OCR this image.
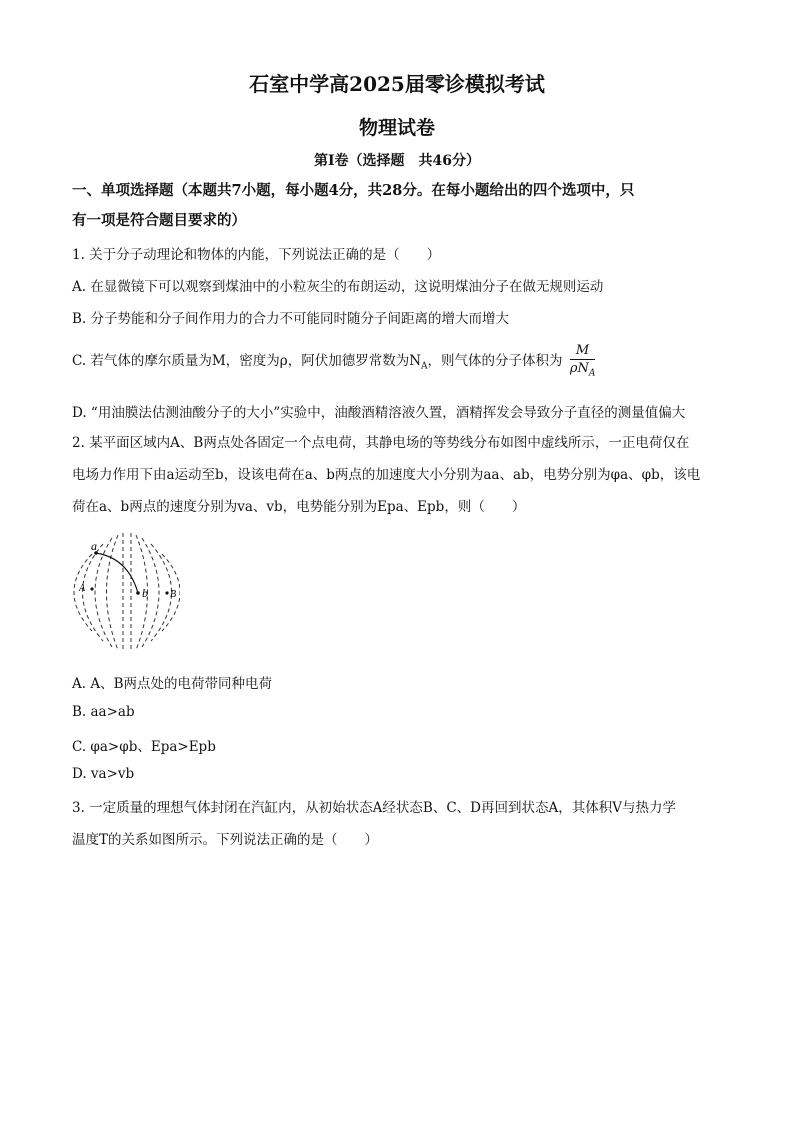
石室中学高2025届零诊模拟考试
物理试卷
第I卷（选择题　共46分）
一、单项选择题（本题共7小题，每小题4分，共28分。在每小题给出的四个选项中，只
有一项是符合题目要求的）
1. 关于分子动理论和物体的内能，下列说法正确的是（　　）
A. 在显微镜下可以观察到煤油中的小粒灰尘的布朗运动，这说明煤油分子在做无规则运动
B. 分子势能和分子间作用力的合力不可能同时随分子间距离的增大而增大
C. 若气体的摩尔质量为M，密度为ρ，阿伏加德罗常数为$N_A$，则气体的分子体积为 $\frac{M}{\rho N_A}$
D. “用油膜法估测油酸分子的大小”实验中，油酸酒精溶液久置，酒精挥发会导致分子直径的测量值偏大
2. 某平面区域内A、B两点处各固定一个点电荷，其静电场的等势线分布如图中虚线所示，一正电荷仅在
电场力作用下由a运动至b，设该电荷在a、b两点的加速度大小分别为aa、ab，电势分别为φa、φb，该电
荷在a、b两点的速度分别为va、vb，电势能分别为Epa、Epb，则（　　）
a
b
A
B
A. A、B两点处的电荷带同种电荷
B. aa>ab
C. φa>φb、Epa>Epb
D. va>vb
3. 一定质量的理想气体封闭在汽缸内，从初始状态A经状态B、C、D再回到状态A，其体积V与热力学
温度T的关系如图所示。下列说法正确的是（　　）
